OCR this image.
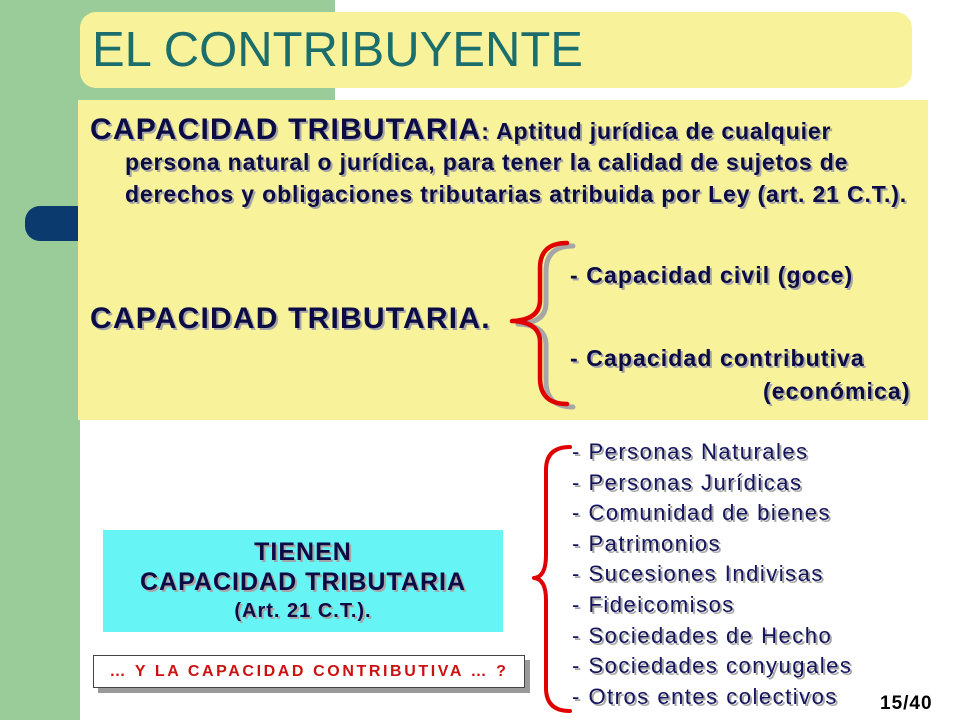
EL CONTRIBUYENTE
CAPACIDAD TRIBUTARIA: Aptitud jurídica de cualquier
persona natural o jurídica, para tener la calidad de sujetos de
derechos y obligaciones tributarias atribuida por Ley (art. 21 C.T.).
- Capacidad civil (goce)
CAPACIDAD TRIBUTARIA.
- Capacidad contributiva
(económica)
TIENEN
CAPACIDAD TRIBUTARIA
(Art. 21 C.T.).
… Y LA CAPACIDAD CONTRIBUTIVA … ?
- Personas Naturales
- Personas Jurídicas
- Comunidad de bienes
- Patrimonios
- Sucesiones Indivisas
- Fideicomisos
- Sociedades de Hecho
- Sociedades conyugales
- Otros entes colectivos	15/40
